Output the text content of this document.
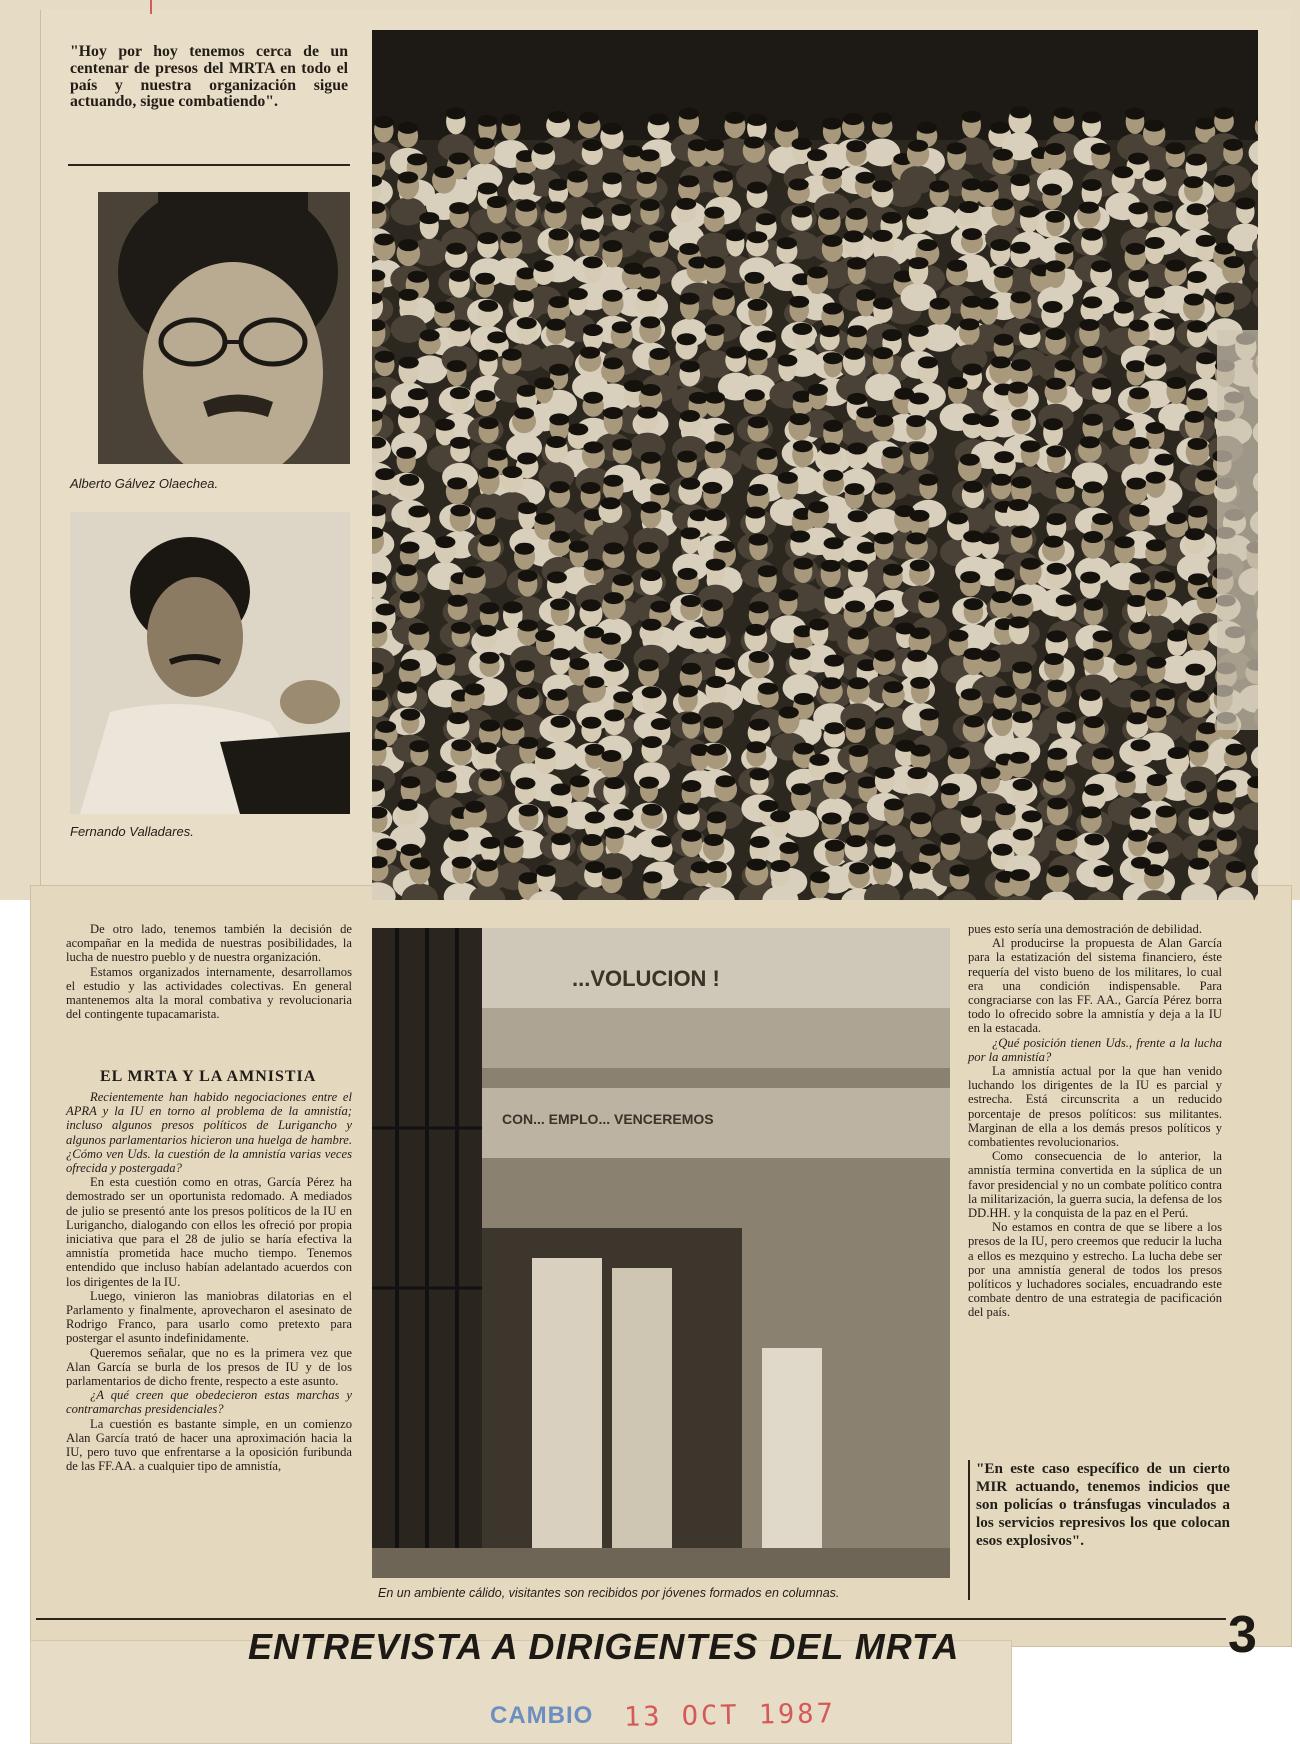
"Hoy por hoy tenemos cerca de un centenar de presos del MRTA en todo el país y nuestra organización sigue actuando, sigue combatiendo".
Alberto Gálvez Olaechea.
Fernando Valladares.
...VOLUCION !
CON... EMPLO... VENCEREMOS
En un ambiente cálido, visitantes son recibidos por jóvenes formados en columnas.

De otro lado, tenemos también la decisión de acompañar en la medida de nuestras posibilidades, la lucha de nuestro pueblo y de nuestra organización.

Estamos organizados internamente, desarrollamos el estudio y las actividades colectivas. En general mantenemos alta la moral combativa y revolucionaria del contingente tupacamarista.

EL MRTA Y LA AMNISTIA

Recientemente han habido negociaciones entre el APRA y la IU en torno al problema de la amnistía; incluso algunos presos políticos de Lurigancho y algunos parlamentarios hicieron una huelga de hambre. ¿Cómo ven Uds. la cuestión de la amnistía varias veces ofrecida y postergada?

En esta cuestión como en otras, García Pérez ha demostrado ser un oportunista redomado. A mediados de julio se presentó ante los presos políticos de la IU en Lurigancho, dialogando con ellos les ofreció por propia iniciativa que para el 28 de julio se haría efectiva la amnistía prometida hace mucho tiempo. Tenemos entendido que incluso habían adelantado acuerdos con los dirigentes de la IU.

Luego, vinieron las maniobras dilatorias en el Parlamento y finalmente, aprovecharon el asesinato de Rodrigo Franco, para usarlo como pretexto para postergar el asunto indefinidamente.

Queremos señalar, que no es la primera vez que Alan García se burla de los presos de IU y de los parlamentarios de dicho frente, respecto a este asunto.

¿A qué creen que obedecieron estas marchas y contramarchas presidenciales?

La cuestión es bastante simple, en un comienzo Alan García trató de hacer una aproximación hacia la IU, pero tuvo que enfrentarse a la oposición furibunda de las FF.AA. a cualquier tipo de amnistía,

pues esto sería una demostración de debilidad.

Al producirse la propuesta de Alan García para la estatización del sistema financiero, éste requería del visto bueno de los militares, lo cual era una condición indispensable. Para congraciarse con las FF. AA., García Pérez borra todo lo ofrecido sobre la amnistía y deja a la IU en la estacada.

¿Qué posición tienen Uds., frente a la lucha por la amnistía?

La amnistía actual por la que han venido luchando los dirigentes de la IU es parcial y estrecha. Está circunscrita a un reducido porcentaje de presos políticos: sus militantes. Marginan de ella a los demás presos políticos y combatientes revolucionarios.

Como consecuencia de lo anterior, la amnistía termina convertida en la súplica de un favor presidencial y no un combate político contra la militarización, la guerra sucia, la defensa de los DD.HH. y la conquista de la paz en el Perú.

No estamos en contra de que se libere a los presos de la IU, pero creemos que reducir la lucha a ellos es mezquino y estrecho. La lucha debe ser por una amnistía general de todos los presos políticos y luchadores sociales, encuadrando este combate dentro de una estrategia de pacificación del país.

"En este caso específico de un cierto MIR actuando, tenemos indicios que son policías o tránsfugas vinculados a los servicios represivos los que colocan esos explosivos".
ENTREVISTA A DIRIGENTES DEL MRTA	3
CAMBIO 13 OCT 1987
